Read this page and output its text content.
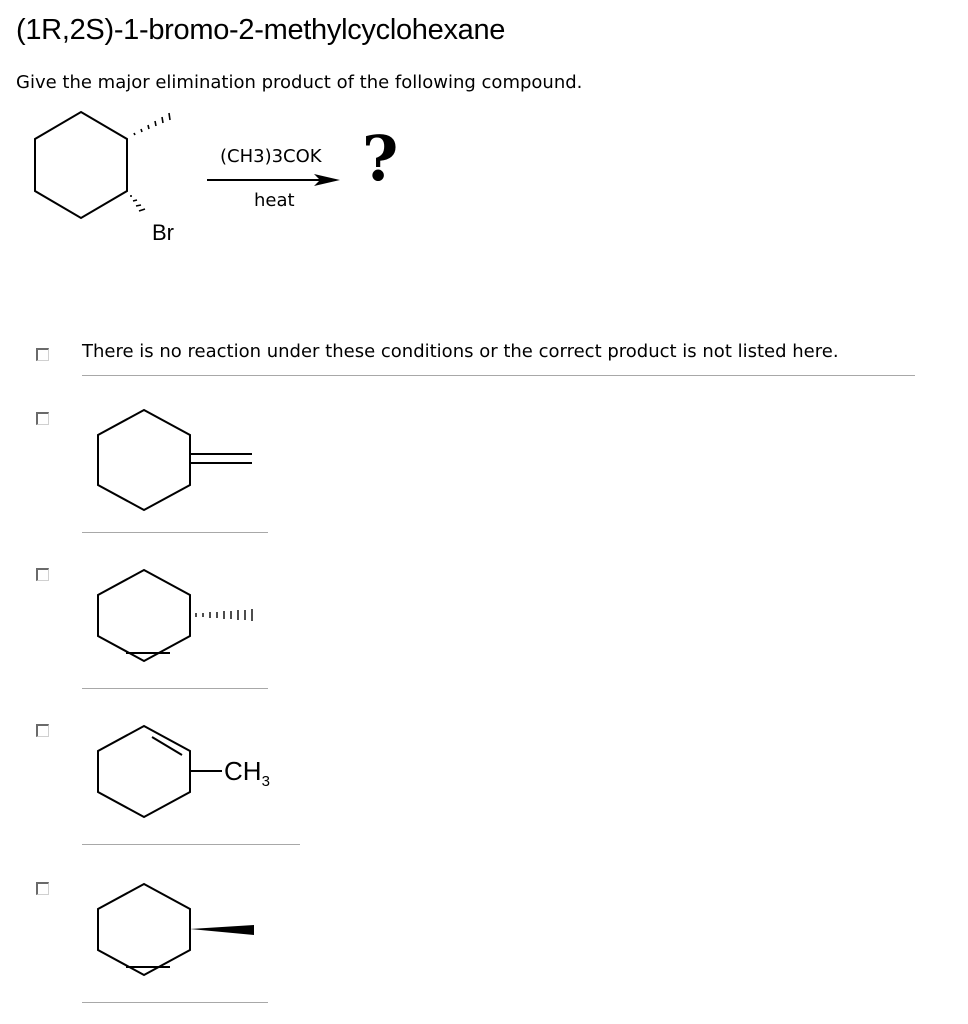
(1R,2S)-1-bromo-2-methylcyclohexane
Give the major elimination product of the following compound.
Br
(CH3)3COK
heat
?
There is no reaction under these conditions or the correct product is not listed here.
$CH_3$
